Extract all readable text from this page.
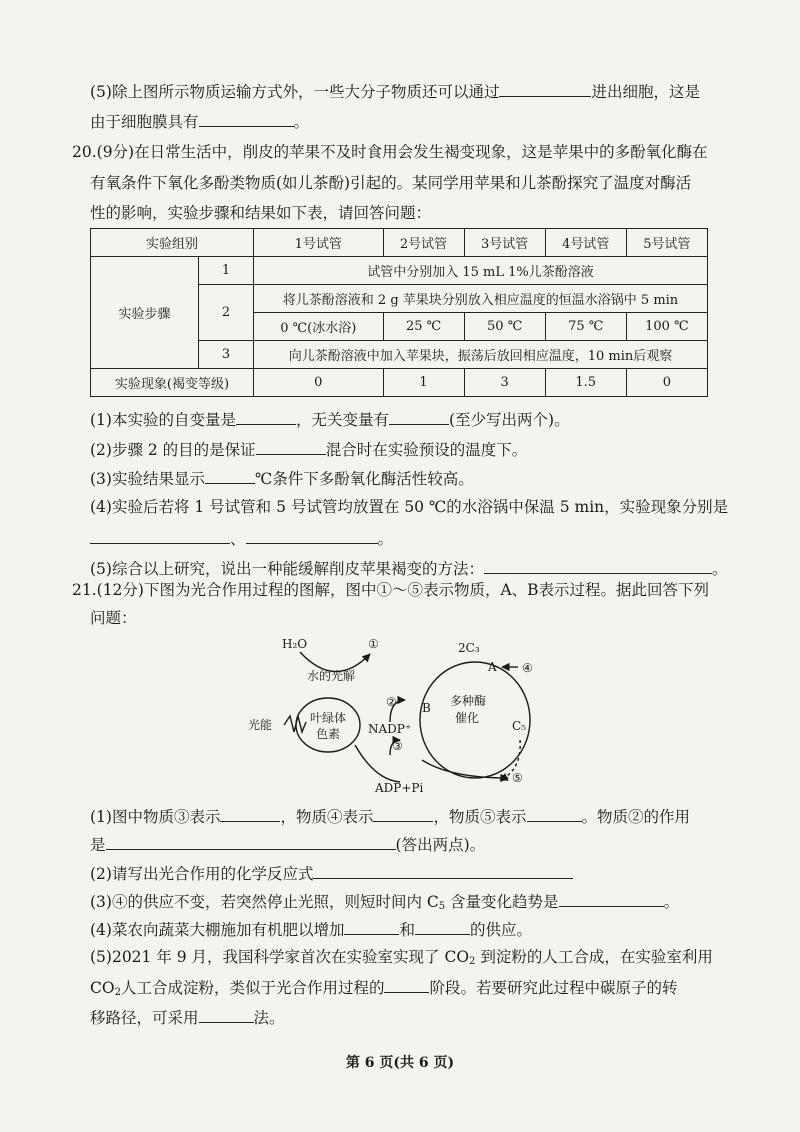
(5)除上图所示物质运输方式外，一些大分子物质还可以通过	进出细胞，这是
由于细胞膜具有	。
20.(9分)在日常生活中，削皮的苹果不及时食用会发生褐变现象，这是苹果中的多酚氧化酶在
有氧条件下氧化多酚类物质(如儿茶酚)引起的。某同学用苹果和儿茶酚探究了温度对酶活
性的影响，实验步骤和结果如下表，请回答问题：
实验组别		1号试管	2号试管	3号试管	4号试管	5号试管
实验步骤	1	试管中分别加入 15 mL 1%儿茶酚溶液				
	2	将儿茶酚溶液和 2 g 苹果块分别放入相应温度的恒温水浴锅中 5 min				
		0 ℃(冰水浴)	25 ℃	50 ℃	75 ℃	100 ℃
	3	向儿茶酚溶液中加入苹果块，振荡后放回相应温度，10 min后观察				
实验现象(褐变等级)		0	1	3	1.5	0
(1)本实验的自变量是	，无关变量有	(至少写出两个)。
(2)步骤 2 的目的是保证	混合时在实验预设的温度下。
(3)实验结果显示	℃条件下多酚氧化酶活性较高。
(4)实验后若将 1 号试管和 5 号试管均放置在 50 ℃的水浴锅中保温 5 min，实验现象分别是
、	。
(5)综合以上研究，说出一种能缓解削皮苹果褐变的方法：	。
21.(12分)下图为光合作用过程的图解，图中①～⑤表示物质，A、B表示过程。据此回答下列
问题：
H₂O	①
水的光解
光能	叶绿体
色素
②
NADP⁺
③
ADP+Pi
⑤
B 多种酶
催化
2C₃
A ④
C₅
(1)图中物质③表示	，物质④表示	，物质⑤表示	。物质②的作用
是	(答出两点)。
(2)请写出光合作用的化学反应式
(3)④的供应不变，若突然停止光照，则短时间内 $C_5$ 含量变化趋势是	。
(4)菜农向蔬菜大棚施加有机肥以增加	和	的供应。
(5)2021 年 9 月，我国科学家首次在实验室实现了 $CO_2$ 到淀粉的人工合成，在实验室利用
$CO_2$人工合成淀粉，类似于光合作用过程的	阶段。若要研究此过程中碳原子的转
移路径，可采用	法。
第 6 页(共 6 页)
